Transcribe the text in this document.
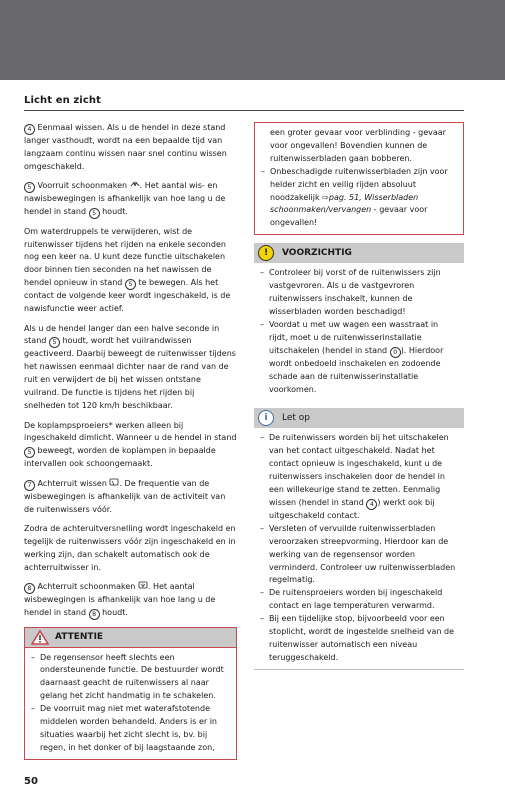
Licht en zicht

4 Eenmaal wissen. Als u de hendel in deze stand langer vasthoudt, wordt na een bepaalde tijd van langzaam continu wissen naar snel continu wissen omgeschakeld.

5 Voorruit schoonmaken . Het aantal wis- en nawisbewegingen is afhankelijk van hoe lang u de hendel in stand 5 houdt.

Om waterdruppels te verwijderen, wist de ruitenwisser tijdens het rijden na enkele seconden nog een keer na. U kunt deze functie uitschakelen door binnen tien seconden na het nawissen de hendel opnieuw in stand 5 te bewegen. Als het contact de volgende keer wordt ingeschakeld, is de nawisfunctie weer actief.

Als u de hendel langer dan een halve seconde in stand 5 houdt, wordt het vuilrandwissen geactiveerd. Daarbij beweegt de ruitenwisser tijdens het nawissen eenmaal dichter naar de rand van de ruit en verwijdert de bij het wissen ontstane vuilrand. De functie is tijdens het rijden bij snelheden tot 120 km/h beschikbaar.

De koplampsproeiers* werken alleen bij ingeschakeld dimlicht. Wanneer u de hendel in stand 5 beweegt, worden de koplampen in bepaalde intervallen ook schoongemaakt.

7 Achterruit wissen . De frequentie van de wisbewegingen is afhankelijk van de activiteit van de ruitenwissers vóór.

Zodra de achteruitversnelling wordt ingeschakeld en tegelijk de ruitenwissers vóór zijn ingeschakeld en in werking zijn, dan schakelt automatisch ook de achterruitwisser in.

8 Achterruit schoonmaken . Het aantal wisbewegingen is afhankelijk van hoe lang u de hendel in stand 8 houdt.

ATTENTIE
– De regensensor heeft slechts een ondersteunende functie. De bestuurder wordt daarnaast geacht de ruitenwissers al naar gelang het zicht handmatig in te schakelen.
– De voorruit mag niet met waterafstotende middelen worden behandeld. Anders is er in situaties waarbij het zicht slecht is, bv. bij regen, in het donker of bij laagstaande zon,
een groter gevaar voor verblinding - gevaar voor ongevallen! Bovendien kunnen de ruitenwisserbladen gaan bobberen.
– Onbeschadigde ruitenwisserbladen zijn voor helder zicht en veilig rijden absoluut noodzakelijk ⇨pag. 51, Wisserbladen schoonmaken/vervangen - gevaar voor ongevallen!
!	VOORZICHTIG
– Controleer bij vorst of de ruitenwissers zijn vastgevroren. Als u de vastgevroren ruitenwissers inschakelt, kunnen de wisserbladen worden beschadigd!
– Voordat u met uw wagen een wasstraat in rijdt, moet u de ruitenwisserinstallatie uitschakelen (hendel in stand 0 ). Hierdoor wordt onbedoeld inschakelen en zodoende schade aan de ruitenwisserinstallatie voorkomen.
i	Let op
– De ruitenwissers worden bij het uitschakelen van het contact uitgeschakeld. Nadat het contact opnieuw is ingeschakeld, kunt u de ruitenwissers inschakelen door de hendel in een willekeurige stand te zetten. Eenmalig wissen (hendel in stand 4 ) werkt ook bij uitgeschakeld contact.
– Versleten of vervuilde ruitenwisserbladen veroorzaken streepvorming. Hierdoor kan de werking van de regensensor worden verminderd. Controleer uw ruitenwisserbladen regelmatig.
– De ruitensproeiers worden bij ingeschakeld contact en lage temperaturen verwarmd.
– Bij een tijdelijke stop, bijvoorbeeld voor een stoplicht, wordt de ingestelde snelheid van de ruitenwisser automatisch een niveau teruggeschakeld.
50
